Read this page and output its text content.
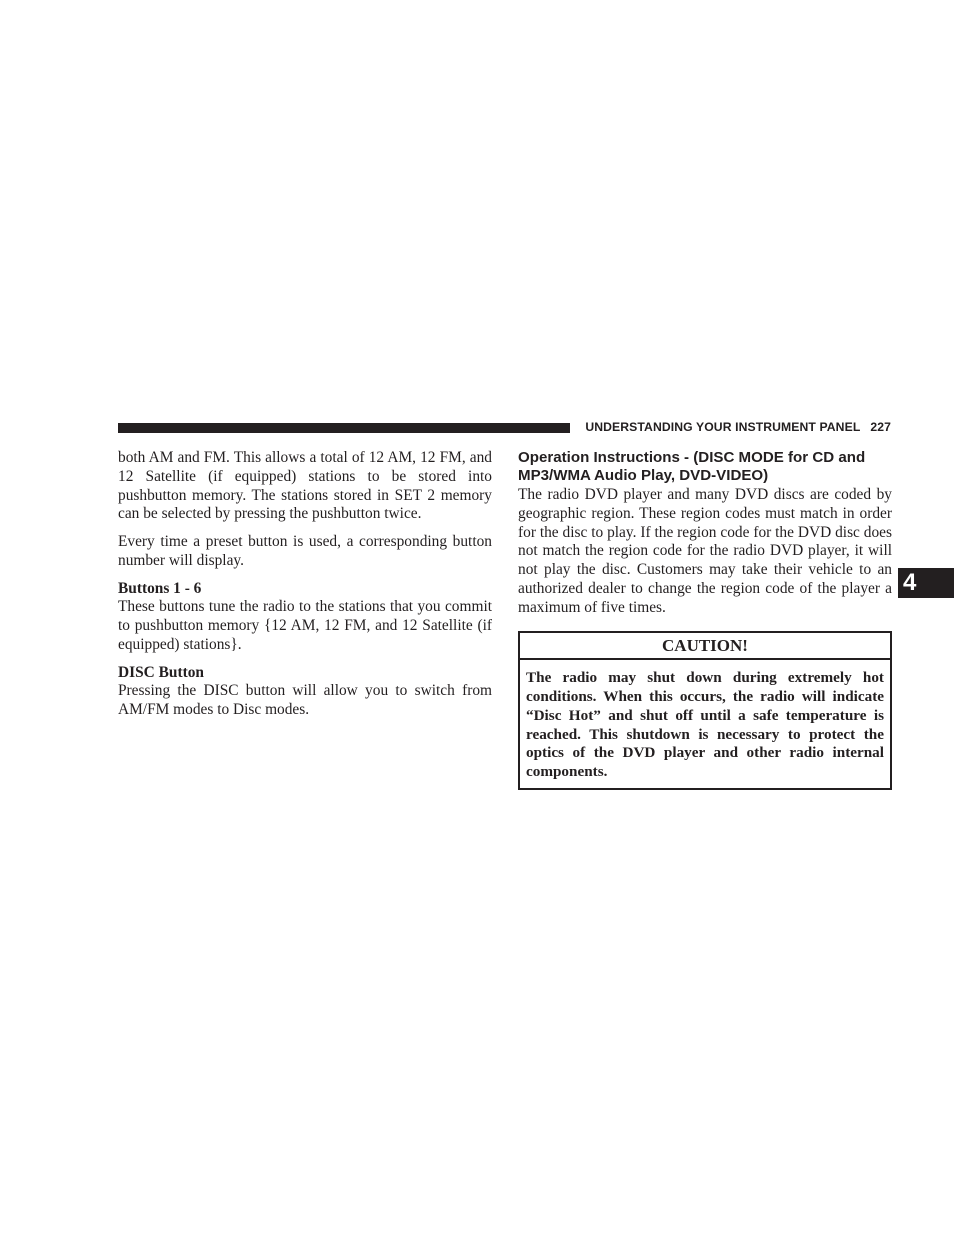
UNDERSTANDING YOUR INSTRUMENT PANEL 227
4

both AM and FM. This allows a total of 12 AM, 12 FM, and 12 Satellite (if equipped) stations to be stored into pushbutton memory. The stations stored in SET 2 memory can be selected by pressing the pushbutton twice.

Every time a preset button is used, a corresponding button number will display.

Buttons 1 - 6

These buttons tune the radio to the stations that you commit to pushbutton memory {12 AM, 12 FM, and 12 Satellite (if equipped) stations}.

DISC Button

Pressing the DISC button will allow you to switch from AM/FM modes to Disc modes.

Operation Instructions - (DISC MODE for CD and MP3/WMA Audio Play, DVD-VIDEO)

The radio DVD player and many DVD discs are coded by geographic region. These region codes must match in order for the disc to play. If the region code for the DVD disc does not match the region code for the radio DVD player, it will not play the disc. Customers may take their vehicle to an authorized dealer to change the region code of the player a maximum of five times.

CAUTION!
The radio may shut down during extremely hot conditions. When this occurs, the radio will indicate “Disc Hot” and shut off until a safe temperature is reached. This shutdown is necessary to protect the optics of the DVD player and other radio internal components.
